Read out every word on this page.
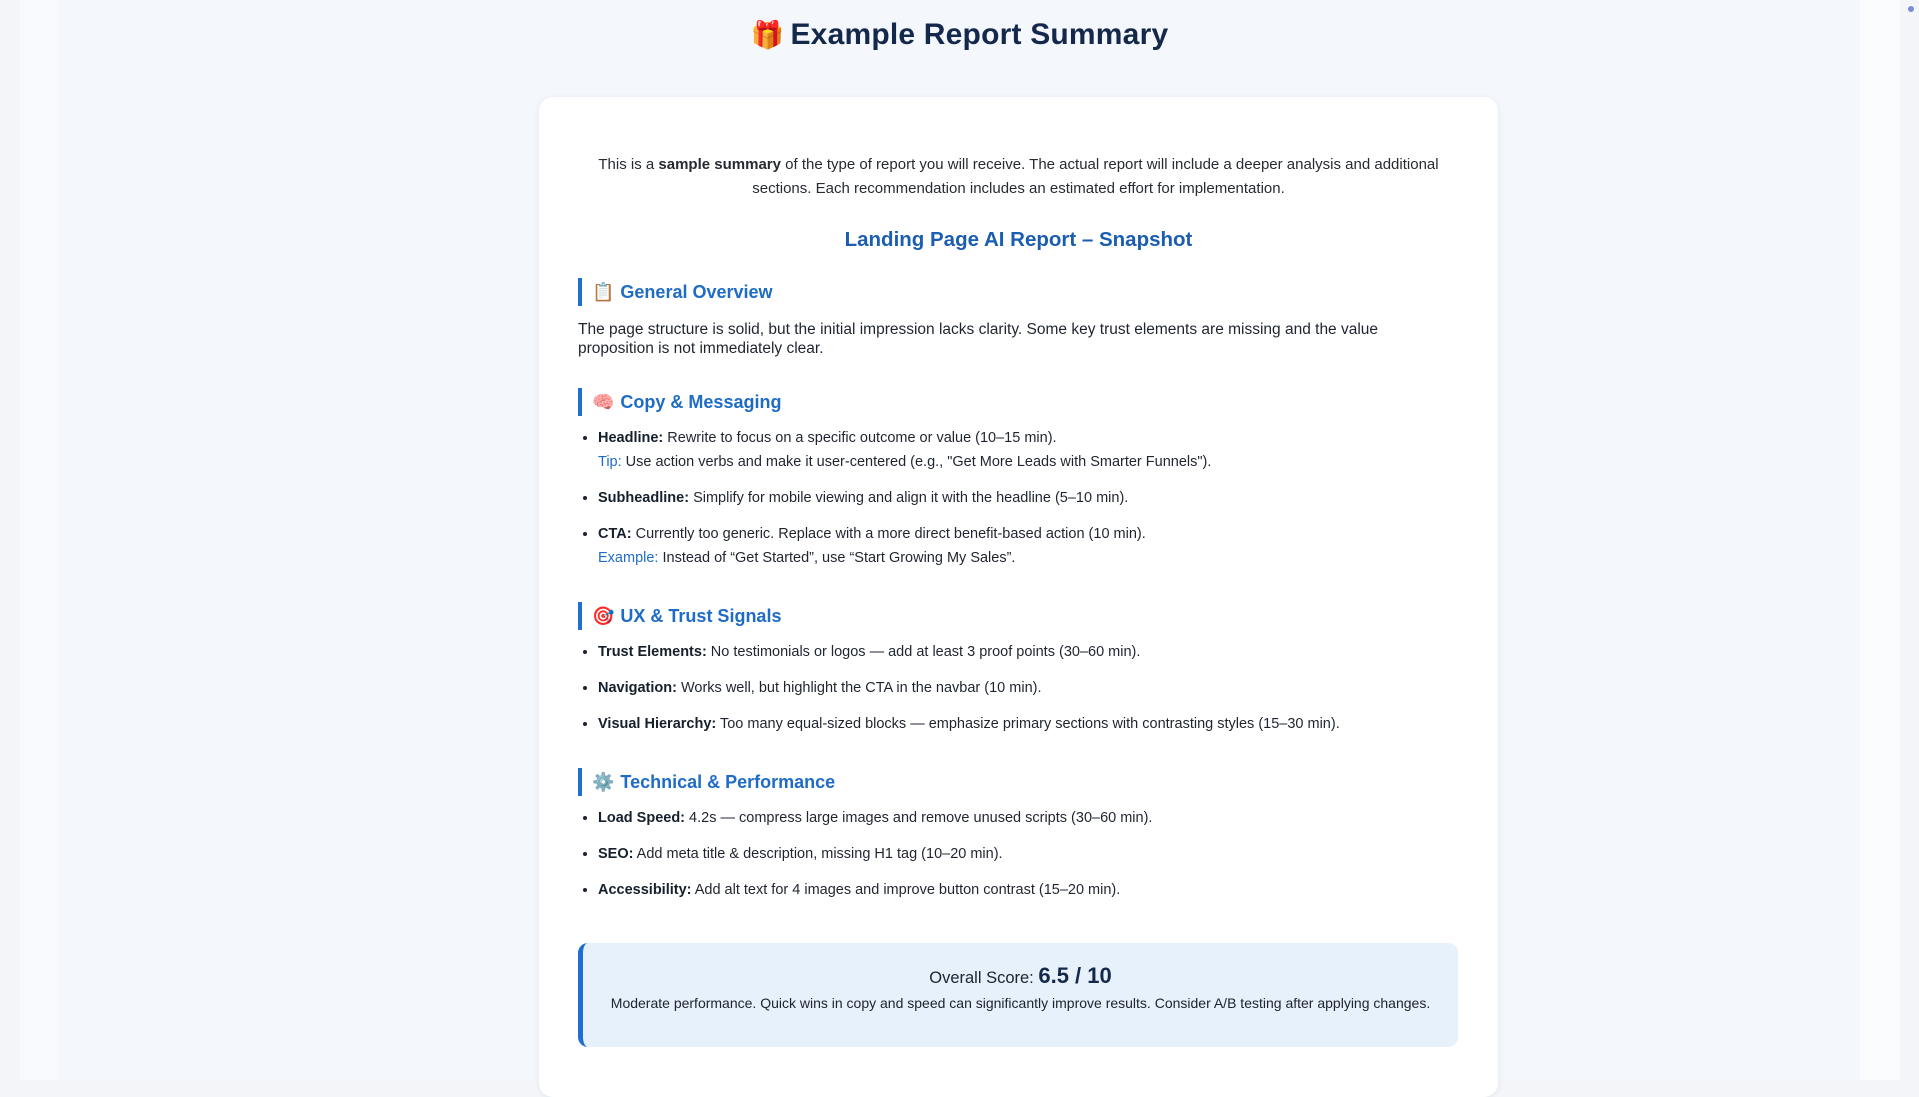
🎁 Example Report Summary
This is a sample summary of the type of report you will receive. The actual report will include a deeper analysis and additional sections. Each recommendation includes an estimated effort for implementation.
Landing Page AI Report – Snapshot
📋 General Overview
The page structure is solid, but the initial impression lacks clarity. Some key trust elements are missing and the value proposition is not immediately clear.
🧠 Copy & Messaging
• Headline: Rewrite to focus on a specific outcome or value (10–15 min).
Tip: Use action verbs and make it user-centered (e.g., "Get More Leads with Smarter Funnels").
• Subheadline: Simplify for mobile viewing and align it with the headline (5–10 min).
• CTA: Currently too generic. Replace with a more direct benefit-based action (10 min).
Example: Instead of “Get Started”, use “Start Growing My Sales”.
🎯 UX & Trust Signals
• Trust Elements: No testimonials or logos — add at least 3 proof points (30–60 min).
• Navigation: Works well, but highlight the CTA in the navbar (10 min).
• Visual Hierarchy: Too many equal-sized blocks — emphasize primary sections with contrasting styles (15–30 min).
⚙️ Technical & Performance
• Load Speed: 4.2s — compress large images and remove unused scripts (30–60 min).
• SEO: Add meta title & description, missing H1 tag (10–20 min).
• Accessibility: Add alt text for 4 images and improve button contrast (15–20 min).
Overall Score: 6.5 / 10
Moderate performance. Quick wins in copy and speed can significantly improve results. Consider A/B testing after applying changes.
